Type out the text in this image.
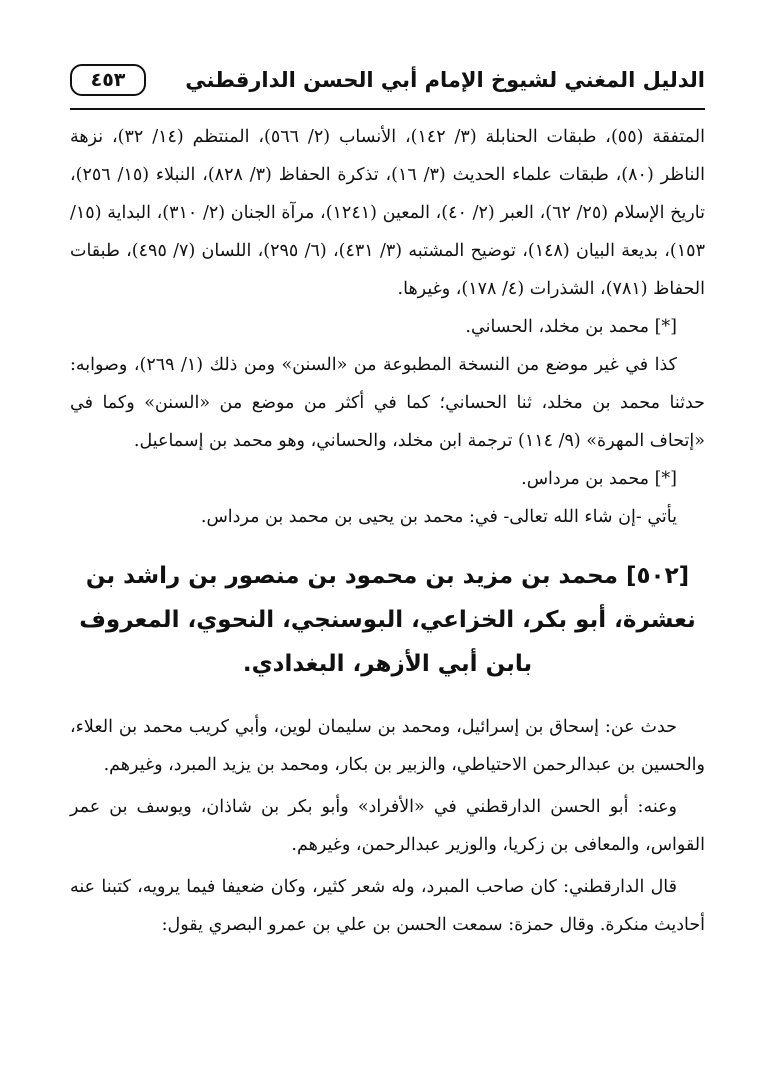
الدليل المغني لشيوخ الإمام أبي الحسن الدارقطني
٤٥٣

المتفقة (٥٥)، طبقات الحنابلة (٣/ ١٤٢)، الأنساب (٢/ ٥٦٦)، المنتظم (١٤/ ٣٢)، نزهة الناظر (٨٠)، طبقات علماء الحديث (٣/ ١٦)، تذكرة الحفاظ (٣/ ٨٢٨)، النبلاء (١٥/ ٢٥٦)، تاريخ الإسلام (٢٥/ ٦٢)، العبر (٢/ ٤٠)، المعين (١٢٤١)، مرآة الجنان (٢/ ٣١٠)، البداية (١٥/ ١٥٣)، بديعة البيان (١٤٨)، توضيح المشتبه (٣/ ٤٣١)، (٦/ ٢٩٥)، اللسان (٧/ ٤٩٥)، طبقات الحفاظ (٧٨١)، الشذرات (٤/ ١٧٨)، وغيرها.

[*] محمد بن مخلد، الحساني.

كذا في غير موضع من النسخة المطبوعة من «السنن» ومن ذلك (١/ ٢٦٩)، وصوابه: حدثنا محمد بن مخلد، ثنا الحساني؛ كما في أكثر من موضع من «السنن» وكما في «إتحاف المهرة» (٩/ ١١٤) ترجمة ابن مخلد، والحساني، وهو محمد بن إسماعيل.

[*] محمد بن مرداس.

يأتي -إن شاء الله تعالى- في: محمد بن يحيى بن محمد بن مرداس.

[٥٠٢] محمد بن مزيد بن محمود بن منصور بن راشد بن نعشرة، أبو بكر، الخزاعي، البوسنجي، النحوي، المعروف بابن أبي الأزهر، البغدادي.

حدث عن: إسحاق بن إسرائيل، ومحمد بن سليمان لوين، وأبي كريب محمد بن العلاء، والحسين بن عبدالرحمن الاحتياطي، والزبير بن بكار، ومحمد بن يزيد المبرد، وغيرهم.

وعنه: أبو الحسن الدارقطني في «الأفراد» وأبو بكر بن شاذان، ويوسف بن عمر القواس، والمعافى بن زكريا، والوزير عبدالرحمن، وغيرهم.

قال الدارقطني: كان صاحب المبرد، وله شعر كثير، وكان ضعيفا فيما يرويه، كتبنا عنه أحاديث منكرة. وقال حمزة: سمعت الحسن بن علي بن عمرو البصري يقول:
